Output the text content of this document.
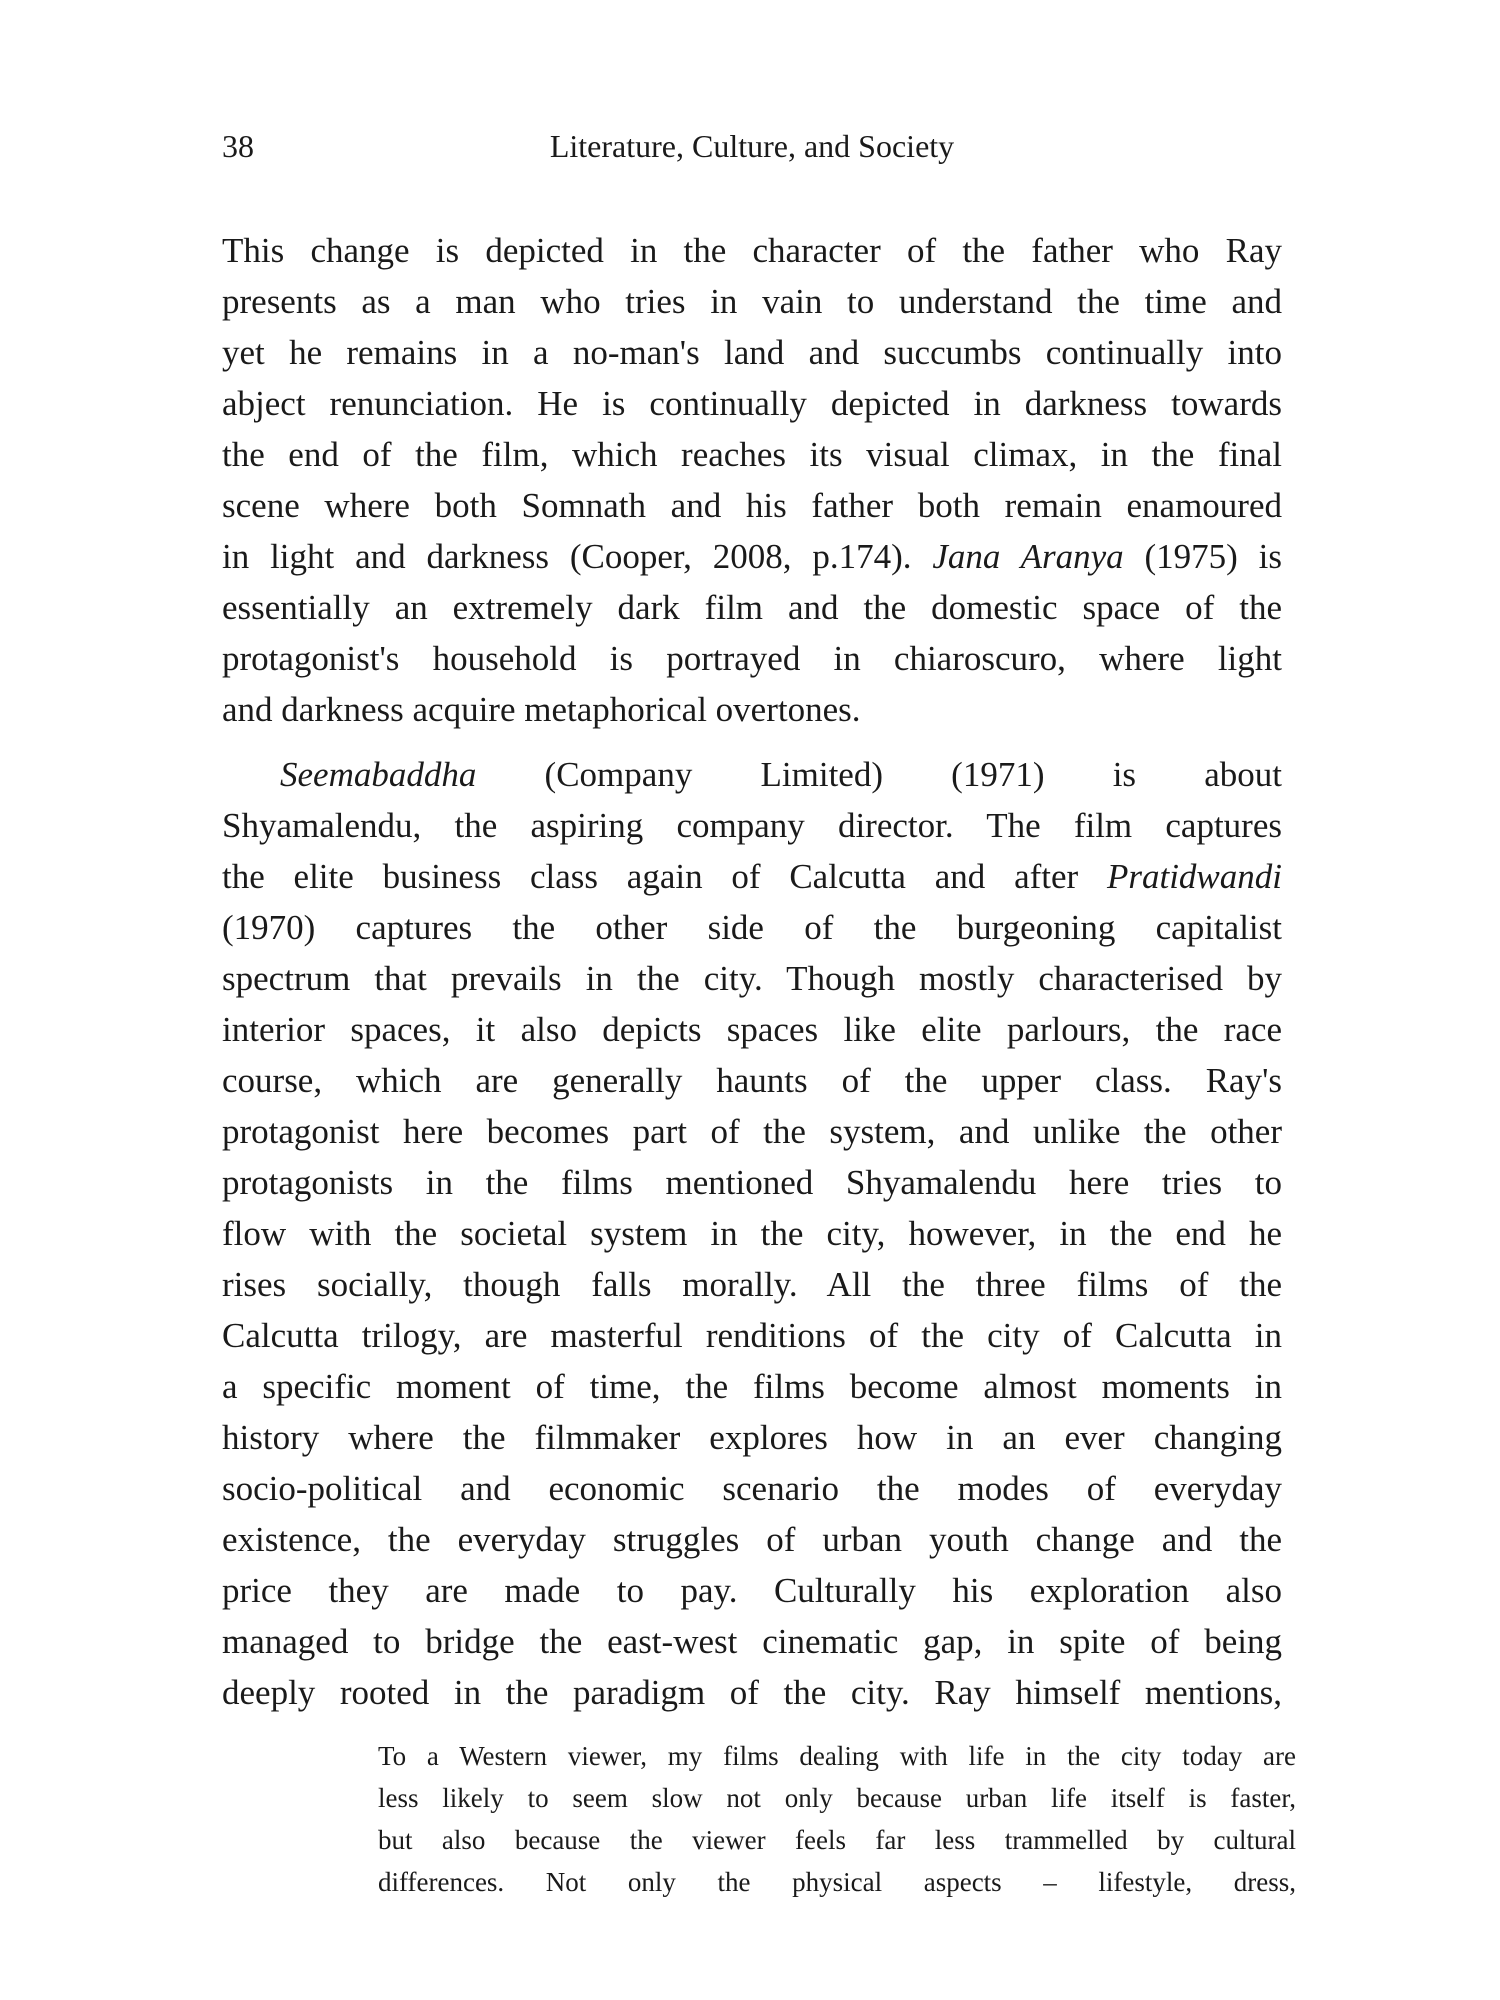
38	Literature, Culture, and Society
This change is depicted in the character of the father who Ray
presents as a man who tries in vain to understand the time and
yet he remains in a no-man's land and succumbs continually into
abject renunciation. He is continually depicted in darkness towards
the end of the film, which reaches its visual climax, in the final
scene where both Somnath and his father both remain enamoured
in light and darkness (Cooper, 2008, p.174). Jana Aranya (1975) is
essentially an extremely dark film and the domestic space of the
protagonist's household is portrayed in chiaroscuro, where light
and darkness acquire metaphorical overtones.
Seemabaddha (Company Limited) (1971) is about
Shyamalendu, the aspiring company director. The film captures
the elite business class again of Calcutta and after Pratidwandi
(1970) captures the other side of the burgeoning capitalist
spectrum that prevails in the city. Though mostly characterised by
interior spaces, it also depicts spaces like elite parlours, the race
course, which are generally haunts of the upper class. Ray's
protagonist here becomes part of the system, and unlike the other
protagonists in the films mentioned Shyamalendu here tries to
flow with the societal system in the city, however, in the end he
rises socially, though falls morally. All the three films of the
Calcutta trilogy, are masterful renditions of the city of Calcutta in
a specific moment of time, the films become almost moments in
history where the filmmaker explores how in an ever changing
socio-political and economic scenario the modes of everyday
existence, the everyday struggles of urban youth change and the
price they are made to pay. Culturally his exploration also
managed to bridge the east-west cinematic gap, in spite of being
deeply rooted in the paradigm of the city. Ray himself mentions,
To a Western viewer, my films dealing with life in the city today are
less likely to seem slow not only because urban life itself is faster,
but also because the viewer feels far less trammelled by cultural
differences. Not only the physical aspects – lifestyle, dress,
